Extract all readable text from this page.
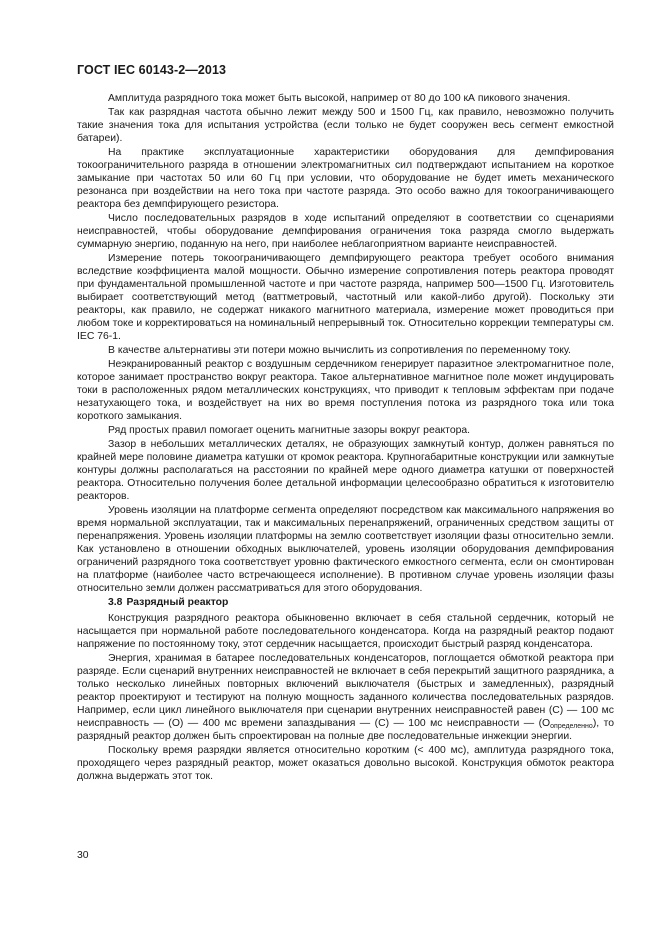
ГОСТ IEC 60143-2—2013

Амплитуда разрядного тока может быть высокой, например от 80 до 100 кА пикового значения.

Так как разрядная частота обычно лежит между 500 и 1500 Гц, как правило, невозможно получить такие значения тока для испытания устройства (если только не будет сооружен весь сегмент емкостной батареи).

На практике эксплуатационные характеристики оборудования для демпфирования токоограничительного разряда в отношении электромагнитных сил подтверждают испытанием на короткое замыкание при частотах 50 или 60 Гц при условии, что оборудование не будет иметь механического резонанса при воздействии на него тока при частоте разряда. Это особо важно для токоограничивающего реактора без демпфирующего резистора.

Число последовательных разрядов в ходе испытаний определяют в соответствии со сценариями неисправностей, чтобы оборудование демпфирования ограничения тока разряда смогло выдержать суммарную энергию, поданную на него, при наиболее неблагоприятном варианте неисправностей.

Измерение потерь токоограничивающего демпфирующего реактора требует особого внимания вследствие коэффициента малой мощности. Обычно измерение сопротивления потерь реактора проводят при фундаментальной промышленной частоте и при частоте разряда, например 500—1500 Гц. Изготовитель выбирает соответствующий метод (ваттметровый, частотный или какой-либо другой). Поскольку эти реакторы, как правило, не содержат никакого магнитного материала, измерение может проводиться при любом токе и корректироваться на номинальный непрерывный ток. Относительно коррекции температуры см. IEC 76-1.

В качестве альтернативы эти потери можно вычислить из сопротивления по переменному току.

Неэкранированный реактор с воздушным сердечником генерирует паразитное электромагнитное поле, которое занимает пространство вокруг реактора. Такое альтернативное магнитное поле может индуцировать токи в расположенных рядом металлических конструкциях, что приводит к тепловым эффектам при подаче незатухающего тока, и воздействует на них во время поступления потока из разрядного тока или тока короткого замыкания.

Ряд простых правил помогает оценить магнитные зазоры вокруг реактора.

Зазор в небольших металлических деталях, не образующих замкнутый контур, должен равняться по крайней мере половине диаметра катушки от кромок реактора. Крупногабаритные конструкции или замкнутые контуры должны располагаться на расстоянии по крайней мере одного диаметра катушки от поверхностей реактора. Относительно получения более детальной информации целесообразно обратиться к изготовителю реакторов.

Уровень изоляции на платформе сегмента определяют посредством как максимального напряжения во время нормальной эксплуатации, так и максимальных перенапряжений, ограниченных средством защиты от перенапряжения. Уровень изоляции платформы на землю соответствует изоляции фазы относительно земли. Как установлено в отношении обходных выключателей, уровень изоляции оборудования демпфирования ограничений разрядного тока соответствует уровню фактического емкостного сегмента, если он смонтирован на платформе (наиболее часто встречающееся исполнение). В противном случае уровень изоляции фазы относительно земли должен рассматриваться для этого оборудования.

3.8 Разрядный реактор

Конструкция разрядного реактора обыкновенно включает в себя стальной сердечник, который не насыщается при нормальной работе последовательного конденсатора. Когда на разрядный реактор подают напряжение по постоянному току, этот сердечник насыщается, происходит быстрый разряд конденсатора.

Энергия, хранимая в батарее последовательных конденсаторов, поглощается обмоткой реактора при разряде. Если сценарий внутренних неисправностей не включает в себя перекрытий защитного разрядника, а только несколько линейных повторных включений выключателя (быстрых и замедленных), разрядный реактор проектируют и тестируют на полную мощность заданного количества последовательных разрядов. Например, если цикл линейного выключателя при сценарии внутренних неисправностей равен (С) — 100 мс неисправность — (О) — 400 мс времени запаздывания — (С) — 100 мс неисправности — $(О_{определенно})$, то разрядный реактор должен быть спроектирован на полные две последовательные инжекции энергии.

Поскольку время разрядки является относительно коротким (< 400 мс), амплитуда разрядного тока, проходящего через разрядный реактор, может оказаться довольно высокой. Конструкция обмоток реактора должна выдержать этот ток.

30
